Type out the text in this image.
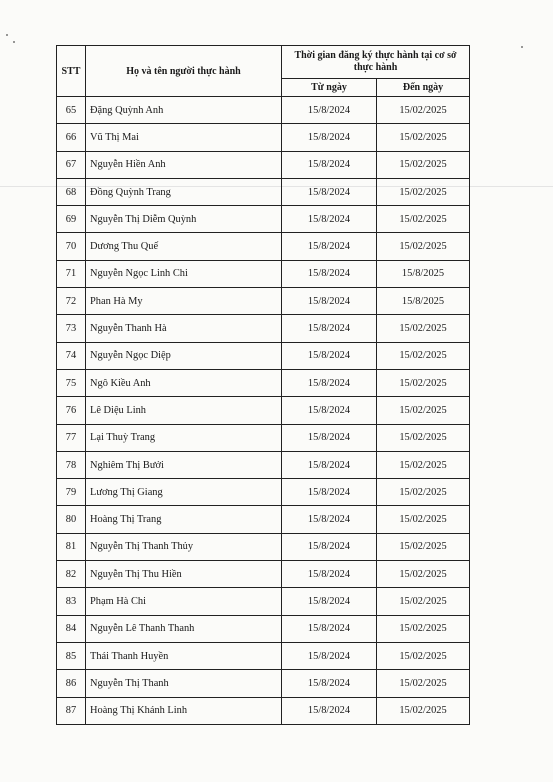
STT	Họ và tên người thực hành	Thời gian đăng ký thực hành tại cơ sở thực hành	
		Từ ngày	Đến ngày
65	Đặng Quỳnh Anh	15/8/2024	15/02/2025
66	Vũ Thị Mai	15/8/2024	15/02/2025
67	Nguyễn Hiền Anh	15/8/2024	15/02/2025
68	Đồng Quỳnh Trang	15/8/2024	15/02/2025
69	Nguyễn Thị Diễm Quỳnh	15/8/2024	15/02/2025
70	Dương Thu Quế	15/8/2024	15/02/2025
71	Nguyễn Ngọc Linh Chi	15/8/2024	15/8/2025
72	Phan Hà My	15/8/2024	15/8/2025
73	Nguyễn Thanh Hà	15/8/2024	15/02/2025
74	Nguyễn Ngọc Diệp	15/8/2024	15/02/2025
75	Ngô Kiều Anh	15/8/2024	15/02/2025
76	Lê Diệu Linh	15/8/2024	15/02/2025
77	Lại Thuỳ Trang	15/8/2024	15/02/2025
78	Nghiêm Thị Bưởi	15/8/2024	15/02/2025
79	Lương Thị Giang	15/8/2024	15/02/2025
80	Hoàng Thị Trang	15/8/2024	15/02/2025
81	Nguyễn Thị Thanh Thủy	15/8/2024	15/02/2025
82	Nguyễn Thị Thu Hiền	15/8/2024	15/02/2025
83	Phạm Hà Chi	15/8/2024	15/02/2025
84	Nguyễn Lê Thanh Thanh	15/8/2024	15/02/2025
85	Thái Thanh Huyền	15/8/2024	15/02/2025
86	Nguyễn Thị Thanh	15/8/2024	15/02/2025
87	Hoàng Thị Khánh Linh	15/8/2024	15/02/2025
